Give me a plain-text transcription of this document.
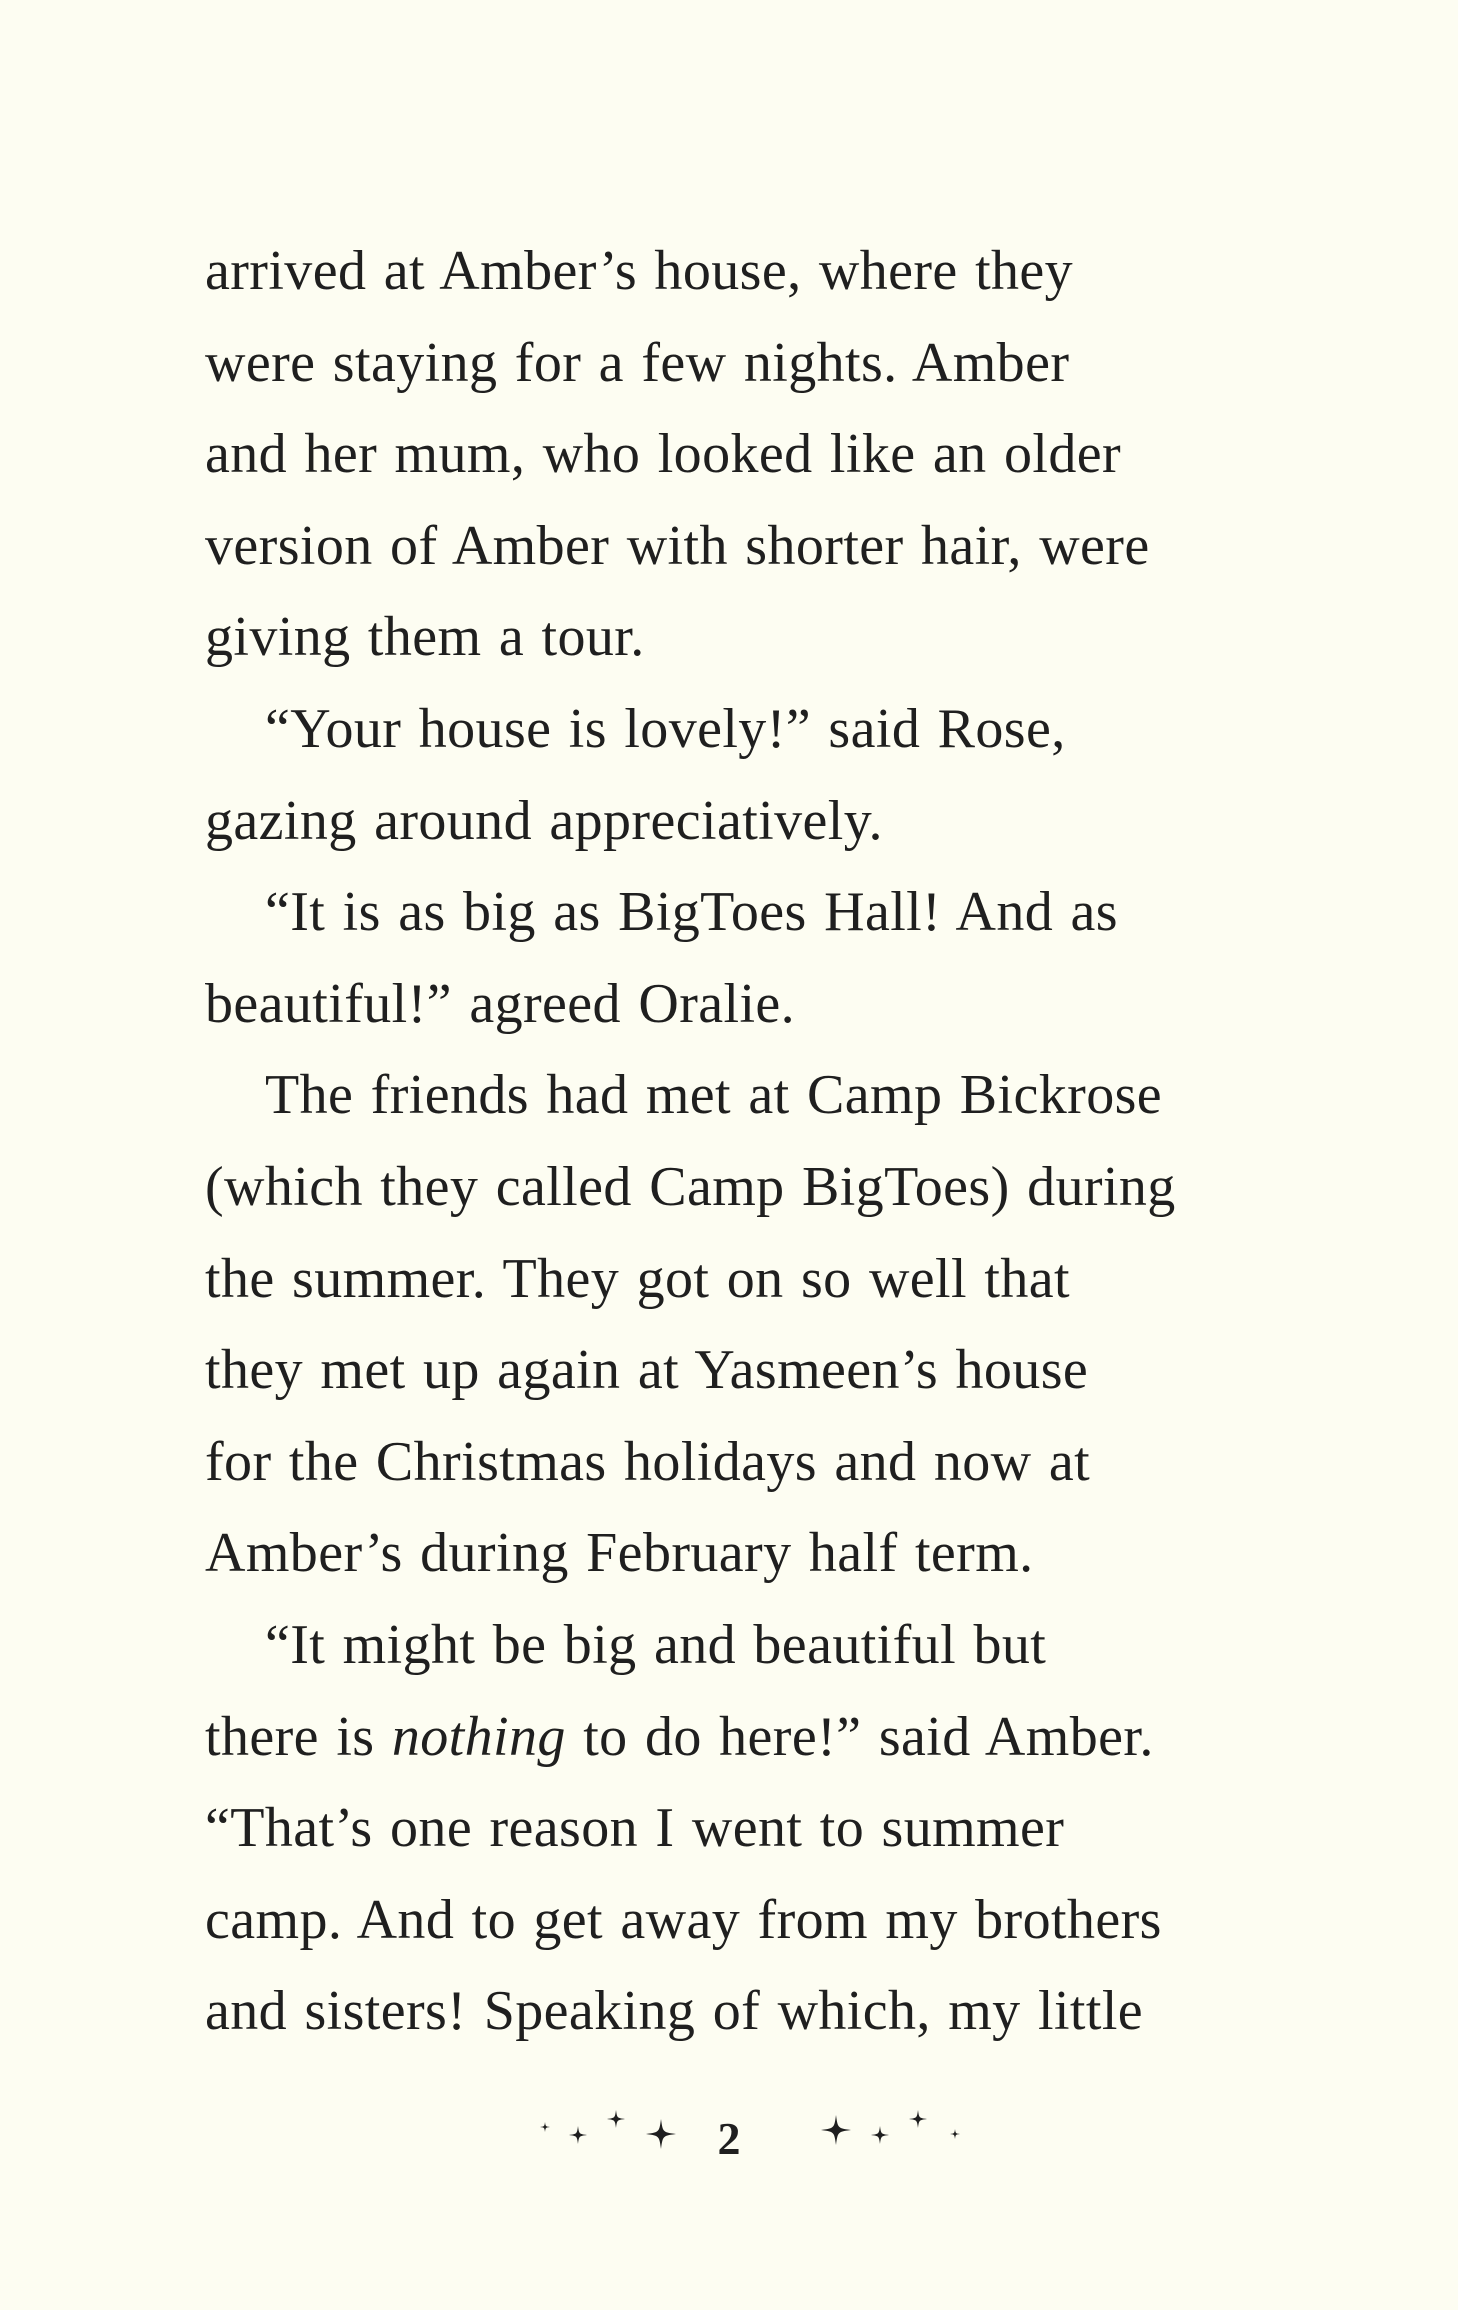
arrived at Amber’s house, where they
were staying for a few nights. Amber
and her mum, who looked like an older
version of Amber with shorter hair, were
giving them a tour.
“Your house is lovely!” said Rose,
gazing around appreciatively.
“It is as big as BigToes Hall! And as
beautiful!” agreed Oralie.
The friends had met at Camp Bickrose
(which they called Camp BigToes) during
the summer. They got on so well that
they met up again at Yasmeen’s house
for the Christmas holidays and now at
Amber’s during February half term.
“It might be big and beautiful but
there is nothing to do here!” said Amber.
“That’s one reason I went to summer
camp. And to get away from my brothers
and sisters! Speaking of which, my little
2
